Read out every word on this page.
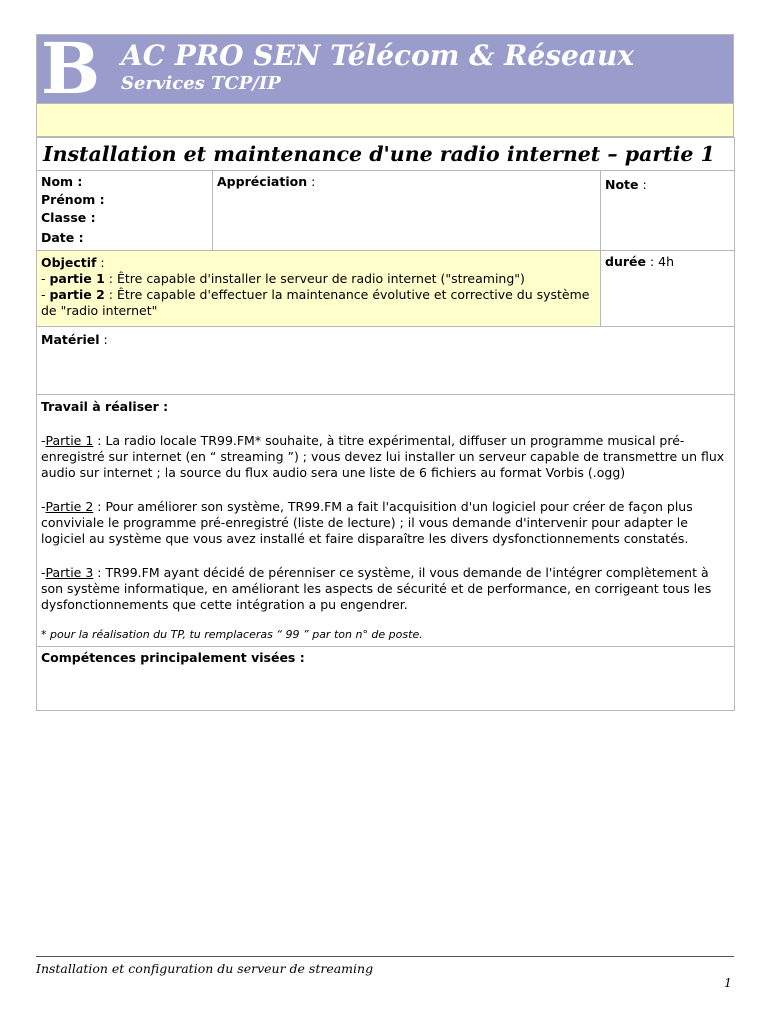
B AC PRO SEN Télécom & Réseaux
Services TCP/IP
Installation et maintenance d'une radio internet – partie 1		

Nom :
Prénom :
Classe :
Date :	Appréciation :	Note :

Objectif :

- partie 1 : Être capable d'installer le serveur de radio internet ("streaming")

- partie 2 : Être capable d'effectuer la maintenance évolutive et corrective du système de "radio internet"		durée : 4h
Matériel :		

Travail à réaliser :

-Partie 1 : La radio locale TR99.FM* souhaite, à titre expérimental, diffuser un programme musical pré-enregistré sur internet (en “ streaming ”) ; vous devez lui installer un serveur capable de transmettre un flux audio sur internet ; la source du flux audio sera une liste de 6 fichiers au format Vorbis (.ogg)

-Partie 2 : Pour améliorer son système, TR99.FM a fait l'acquisition d'un logiciel pour créer de façon plus conviviale le programme pré-enregistré (liste de lecture) ; il vous demande d'intervenir pour adapter le logiciel au système que vous avez installé et faire disparaître les divers dysfonctionnements constatés.

-Partie 3 : TR99.FM ayant décidé de pérenniser ce système, il vous demande de l'intégrer complètement à son système informatique, en améliorant les aspects de sécurité et de performance, en corrigeant tous les dysfonctionnements que cette intégration a pu engendrer.

* pour la réalisation du TP, tu remplaceras “ 99 ” par ton n° de poste.		

Compétences principalement visées :		
Installation et configuration du serveur de streaming
1
